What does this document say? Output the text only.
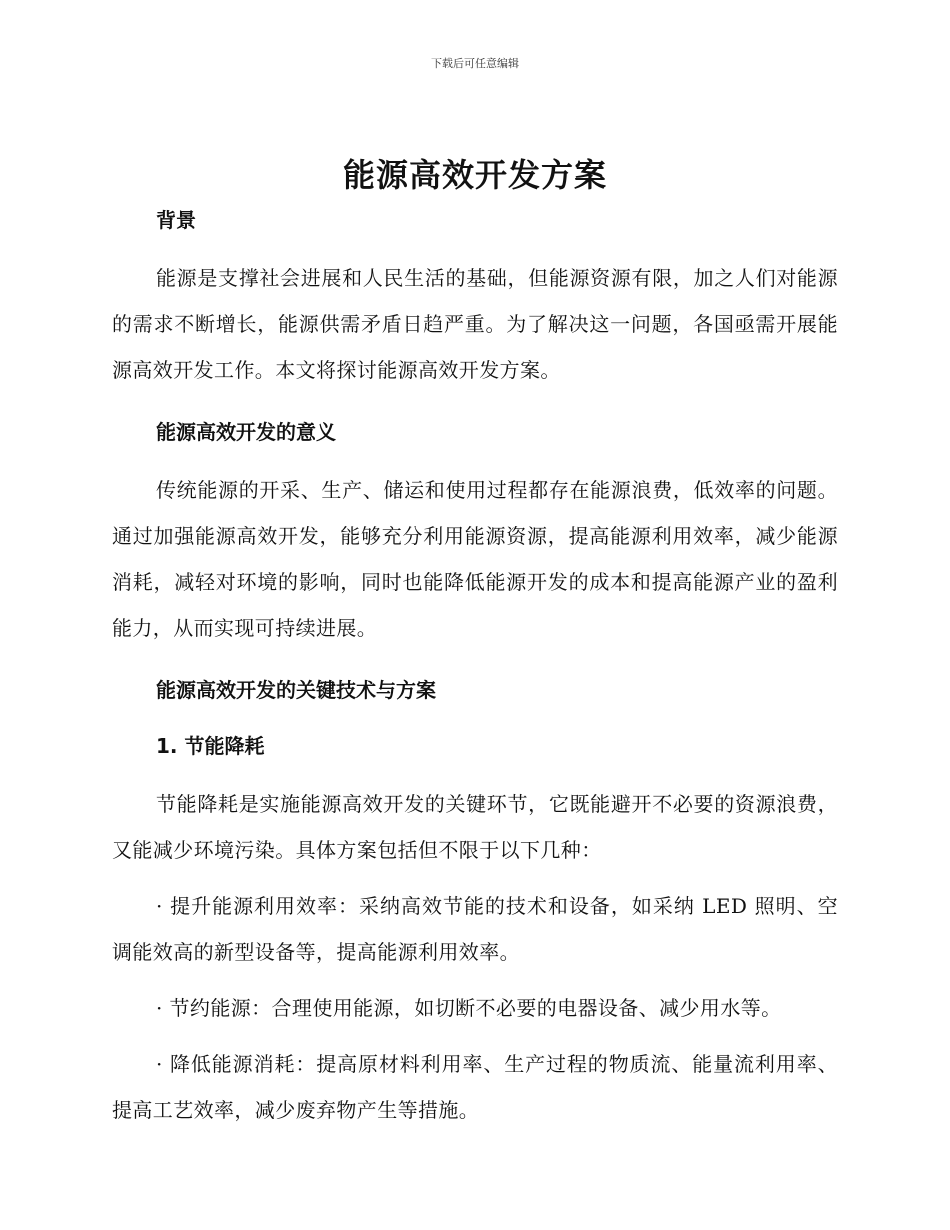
下载后可任意编辑
能源高效开发方案
背景

能源是支撑社会进展和人民生活的基础，但能源资源有限，加之人们对能源的需求不断增长，能源供需矛盾日趋严重。为了解决这一问题，各国亟需开展能源高效开发工作。本文将探讨能源高效开发方案。

能源高效开发的意义

传统能源的开采、生产、储运和使用过程都存在能源浪费，低效率的问题。通过加强能源高效开发，能够充分利用能源资源，提高能源利用效率，减少能源消耗，减轻对环境的影响，同时也能降低能源开发的成本和提高能源产业的盈利能力，从而实现可持续进展。

能源高效开发的关键技术与方案
1. 节能降耗

节能降耗是实施能源高效开发的关键环节，它既能避开不必要的资源浪费，又能减少环境污染。具体方案包括但不限于以下几种：

· 提升能源利用效率：采纳高效节能的技术和设备，如采纳 LED 照明、空调能效高的新型设备等，提高能源利用效率。

· 节约能源：合理使用能源，如切断不必要的电器设备、减少用水等。

· 降低能源消耗：提高原材料利用率、生产过程的物质流、能量流利用率、提高工艺效率，减少废弃物产生等措施。
